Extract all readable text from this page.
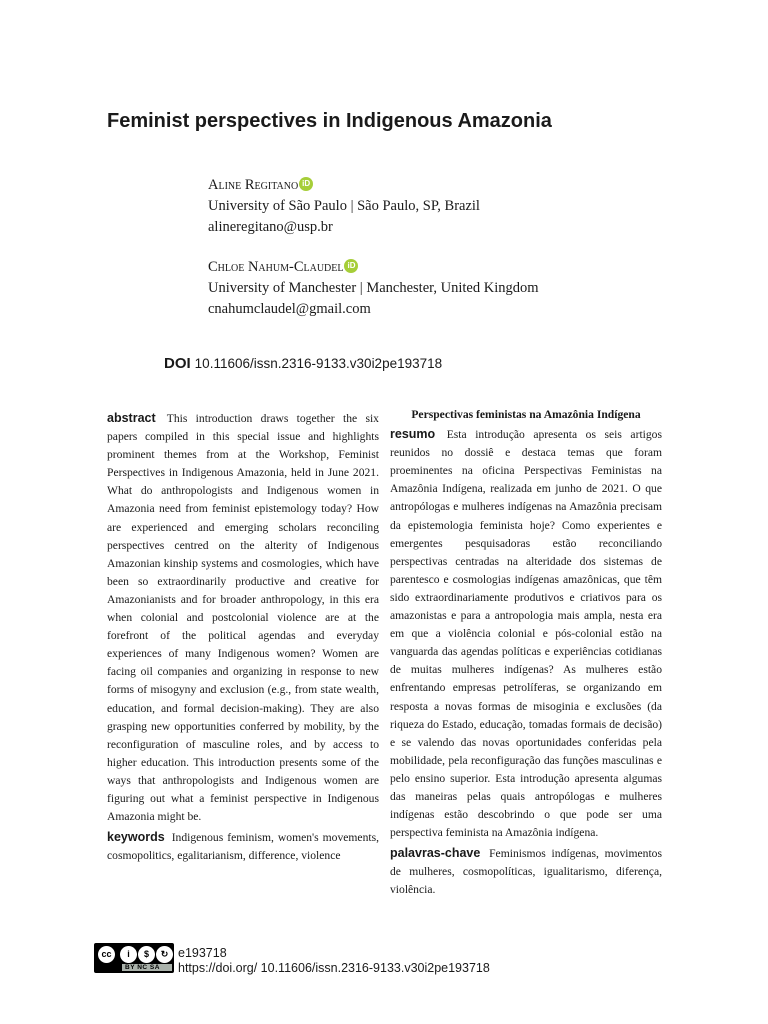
Feminist perspectives in Indigenous Amazonia
Aline Regitano iD
University of São Paulo | São Paulo, SP, Brazil
alineregitano@usp.br
Chloe Nahum-Claudel iD
University of Manchester | Manchester, United Kingdom
cnahumclaudel@gmail.com
DOI 10.11606/issn.2316-9133.v30i2pe193718
abstract This introduction draws together the six papers compiled in this special issue and highlights prominent themes from at the Workshop, Feminist Perspectives in Indigenous Amazonia, held in June 2021. What do anthropologists and Indigenous women in Amazonia need from feminist epistemology today? How are experienced and emerging scholars reconciling perspectives centred on the alterity of Indigenous Amazonian kinship systems and cosmologies, which have been so extraordinarily productive and creative for Amazonianists and for broader anthropology, in this era when colonial and postcolonial violence are at the forefront of the political agendas and everyday experiences of many Indigenous women? Women are facing oil companies and organizing in response to new forms of misogyny and exclusion (e.g., from state wealth, education, and formal decision-making). They are also grasping new opportunities conferred by mobility, by the reconfiguration of masculine roles, and by access to higher education. This introduction presents some of the ways that anthropologists and Indigenous women are figuring out what a feminist perspective in Indigenous Amazonia might be.
keywords Indigenous feminism, women's movements, cosmopolitics, egalitarianism, difference, violence
Perspectivas feministas na Amazônia Indígena
resumo Esta introdução apresenta os seis artigos reunidos no dossiê e destaca temas que foram proeminentes na oficina Perspectivas Feministas na Amazônia Indígena, realizada em junho de 2021. O que antropólogas e mulheres indígenas na Amazônia precisam da epistemologia feminista hoje? Como experientes e emergentes pesquisadoras estão reconciliando perspectivas centradas na alteridade dos sistemas de parentesco e cosmologias indígenas amazônicas, que têm sido extraordinariamente produtivos e criativos para os amazonistas e para a antropologia mais ampla, nesta era em que a violência colonial e pós-colonial estão na vanguarda das agendas políticas e experiências cotidianas de muitas mulheres indígenas? As mulheres estão enfrentando empresas petrolíferas, se organizando em resposta a novas formas de misoginia e exclusões (da riqueza do Estado, educação, tomadas formais de decisão) e se valendo das novas oportunidades conferidas pela mobilidade, pela reconfiguração das funções masculinas e pelo ensino superior. Esta introdução apresenta algumas das maneiras pelas quais antropólogas e mulheres indígenas estão descobrindo o que pode ser uma perspectiva feminista na Amazônia indígena.
palavras-chave Feminismos indígenas, movimentos de mulheres, cosmopolíticas, igualitarismo, diferença, violência.
cc	i	$	↻
BY NC SA
e193718
https://doi.org/ 10.11606/issn.2316-9133.v30i2pe193718
